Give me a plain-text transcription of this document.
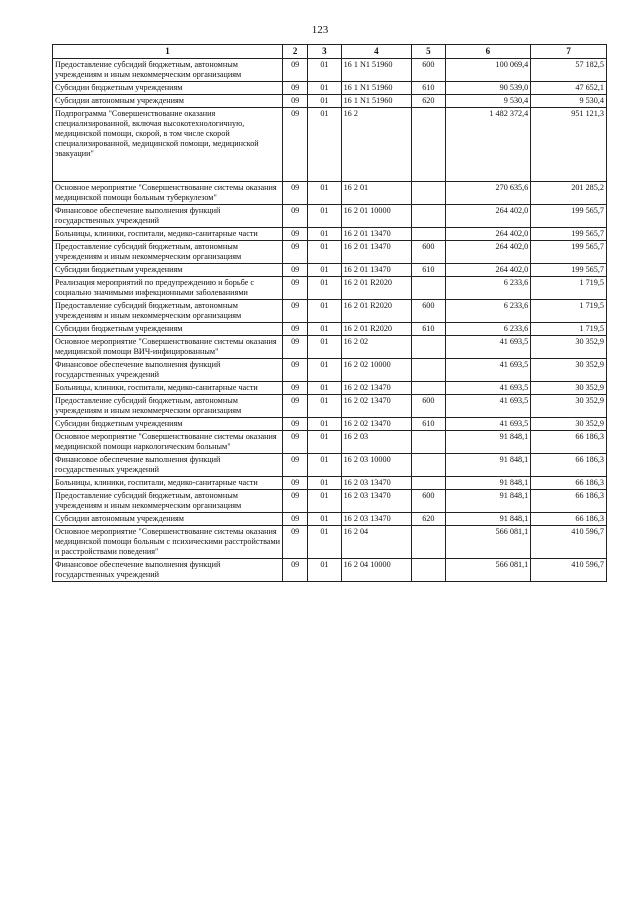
123
1	2	3	4	5	6	7
Предоставление субсидий бюджетным, автономным учреждениям и иным некоммерческим организациям	09	01	16 1 N1 51960	600	100 069,4	57 182,5
Субсидии бюджетным учреждениям	09	01	16 1 N1 51960	610	90 539,0	47 652,1
Субсидии автономным учреждениям	09	01	16 1 N1 51960	620	9 530,4	9 530,4
Подпрограмма "Совершенствование оказания специализированной, включая высокотехнологичную, медицинской помощи, скорой, в том числе скорой специализированной, медицинской помощи, медицинской эвакуации"	09	01	16 2		1 482 372,4	951 121,3
Основное мероприятие "Совершенствование системы оказания медицинской помощи больным туберкулезом"	09	01	16 2 01		270 635,6	201 285,2
Финансовое обеспечение выполнения функций государственных учреждений	09	01	16 2 01 10000		264 402,0	199 565,7
Больницы, клиники, госпитали, медико-санитарные части	09	01	16 2 01 13470		264 402,0	199 565,7
Предоставление субсидий бюджетным, автономным учреждениям и иным некоммерческим организациям	09	01	16 2 01 13470	600	264 402,0	199 565,7
Субсидии бюджетным учреждениям	09	01	16 2 01 13470	610	264 402,0	199 565,7
Реализация мероприятий по предупреждению и борьбе с социально значимыми инфекционными заболеваниями	09	01	16 2 01 R2020		6 233,6	1 719,5
Предоставление субсидий бюджетным, автономным учреждениям и иным некоммерческим организациям	09	01	16 2 01 R2020	600	6 233,6	1 719,5
Субсидии бюджетным учреждениям	09	01	16 2 01 R2020	610	6 233,6	1 719,5
Основное мероприятие "Совершенствование системы оказания медицинской помощи ВИЧ-инфицированным"	09	01	16 2 02		41 693,5	30 352,9
Финансовое обеспечение выполнения функций государственных учреждений	09	01	16 2 02 10000		41 693,5	30 352,9
Больницы, клиники, госпитали, медико-санитарные части	09	01	16 2 02 13470		41 693,5	30 352,9
Предоставление субсидий бюджетным, автономным учреждениям и иным некоммерческим организациям	09	01	16 2 02 13470	600	41 693,5	30 352,9
Субсидии бюджетным учреждениям	09	01	16 2 02 13470	610	41 693,5	30 352,9
Основное мероприятие "Совершенствование системы оказания медицинской помощи наркологическим больным"	09	01	16 2 03		91 848,1	66 186,3
Финансовое обеспечение выполнения функций государственных учреждений	09	01	16 2 03 10000		91 848,1	66 186,3
Больницы, клиники, госпитали, медико-санитарные части	09	01	16 2 03 13470		91 848,1	66 186,3
Предоставление субсидий бюджетным, автономным учреждениям и иным некоммерческим организациям	09	01	16 2 03 13470	600	91 848,1	66 186,3
Субсидии автономным учреждениям	09	01	16 2 03 13470	620	91 848,1	66 186,3
Основное мероприятие "Совершенствование системы оказания медицинской помощи больным с психическими расстройствами и расстройствами поведения"	09	01	16 2 04		566 081,1	410 596,7
Финансовое обеспечение выполнения функций государственных учреждений	09	01	16 2 04 10000		566 081,1	410 596,7
